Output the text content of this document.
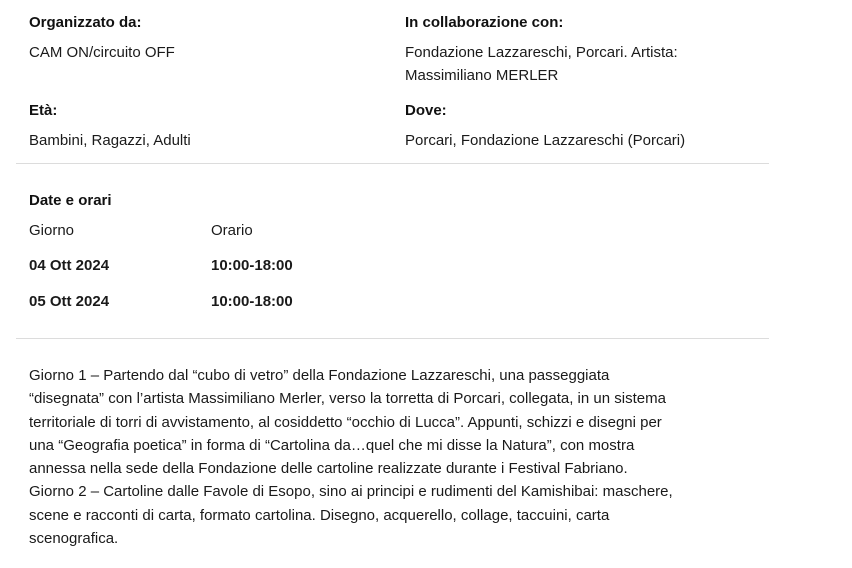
Organizzato da:
CAM ON/circuito OFF
In collaborazione con:
Fondazione Lazzareschi, Porcari. Artista:
Massimiliano MERLER
Età:
Bambini, Ragazzi, Adulti
Dove:
Porcari, Fondazione Lazzareschi (Porcari)
Date e orari
Giorno	Orario
04 Ott 2024	10:00-18:00
05 Ott 2024	10:00-18:00
Giorno 1 – Partendo dal “cubo di vetro” della Fondazione Lazzareschi, una passeggiata
“disegnata” con l’artista Massimiliano Merler, verso la torretta di Porcari, collegata, in un sistema
territoriale di torri di avvistamento, al cosiddetto “occhio di Lucca”. Appunti, schizzi e disegni per
una “Geografia poetica” in forma di “Cartolina da…quel che mi disse la Natura”, con mostra
annessa nella sede della Fondazione delle cartoline realizzate durante i Festival Fabriano.
Giorno 2 – Cartoline dalle Favole di Esopo, sino ai principi e rudimenti del Kamishibai: maschere,
scene e racconti di carta, formato cartolina. Disegno, acquerello, collage, taccuini, carta
scenografica.
